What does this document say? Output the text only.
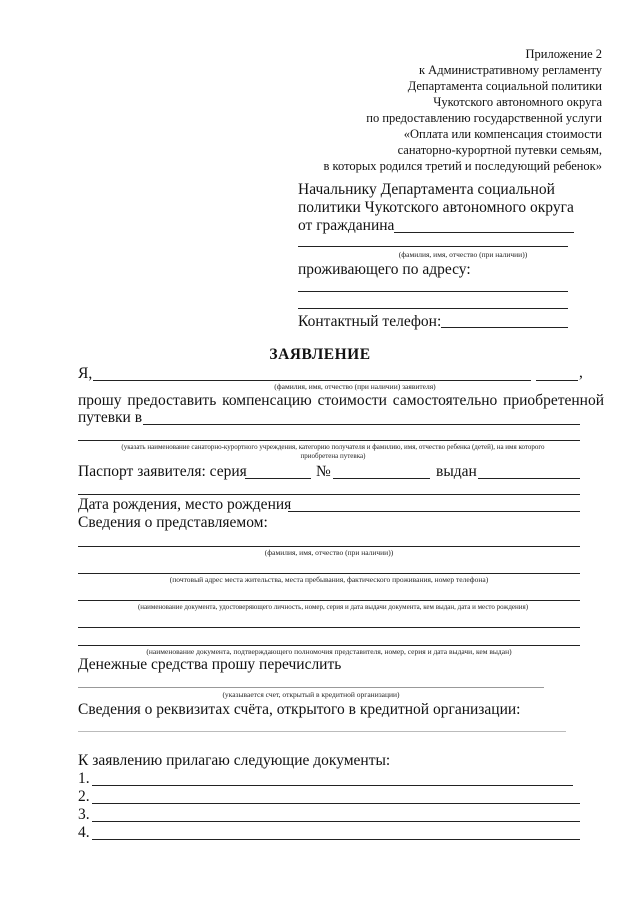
Приложение 2
к Административному регламенту
Департамента социальной политики
Чукотского автономного округа
по предоставлению государственной услуги
«Оплата или компенсация стоимости
санаторно-курортной путевки семьям,
в которых родился третий и последующий ребенок»
Начальнику Департамента социальной
политики Чукотского автономного округа
от гражданина
(фамилия, имя, отчество (при наличии))
проживающего по адресу:
Контактный телефон:
ЗАЯВЛЕНИЕ
Я,	,
(фамилия, имя, отчество (при наличии) заявителя)
прошу предоставить компенсацию стоимости самостоятельно приобретенной
путевки в
(указать наименование санаторно-курортного учреждения, категорию получателя и фамилию, имя, отчество ребенка (детей), на имя которого
приобретена путевка)
Паспорт заявителя: серия	№	выдан
Дата рождения, место рождения
Сведения о представляемом:
(фамилия, имя, отчество (при наличии))
(почтовый адрес места жительства, места пребывания, фактического проживания, номер телефона)
(наименование документа, удостоверяющего личность, номер, серия и дата выдачи документа, кем выдан, дата и место рождения)
(наименование документа, подтверждающего полномочия представителя, номер, серия и дата выдачи, кем выдан)
Денежные средства прошу перечислить
(указывается счет, открытый в кредитной организации)
Сведения о реквизитах счёта, открытого в кредитной организации:
К заявлению прилагаю следующие документы:
1.
2.
3.
4.
